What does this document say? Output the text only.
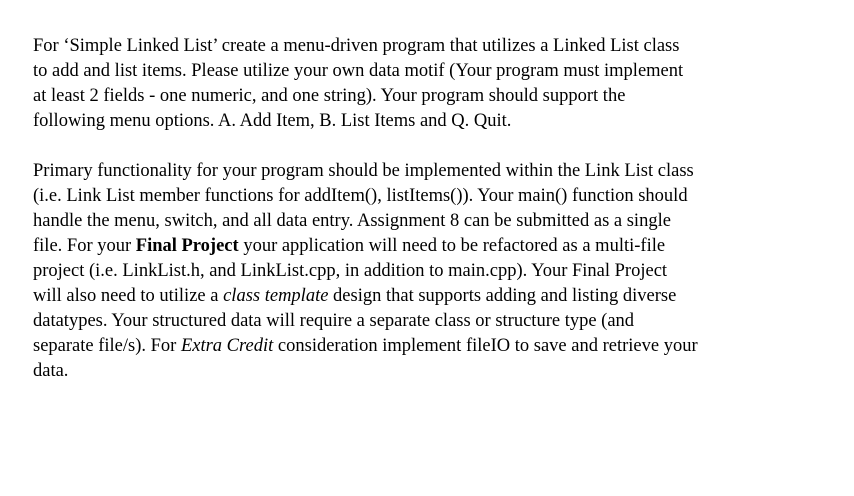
For ‘Simple Linked List’ create a menu-driven program that utilizes a Linked List class
to add and list items. Please utilize your own data motif (Your program must implement
at least 2 fields - one numeric, and one string). Your program should support the
following menu options. A. Add Item, B. List Items and Q. Quit.

Primary functionality for your program should be implemented within the Link List class
(i.e. Link List member functions for addItem(), listItems()). Your main() function should
handle the menu, switch, and all data entry. Assignment 8 can be submitted as a single
file. For your Final Project your application will need to be refactored as a multi-file
project (i.e. LinkList.h, and LinkList.cpp, in addition to main.cpp). Your Final Project
will also need to utilize a class template design that supports adding and listing diverse
datatypes. Your structured data will require a separate class or structure type (and
separate file/s). For Extra Credit consideration implement fileIO to save and retrieve your
data.
